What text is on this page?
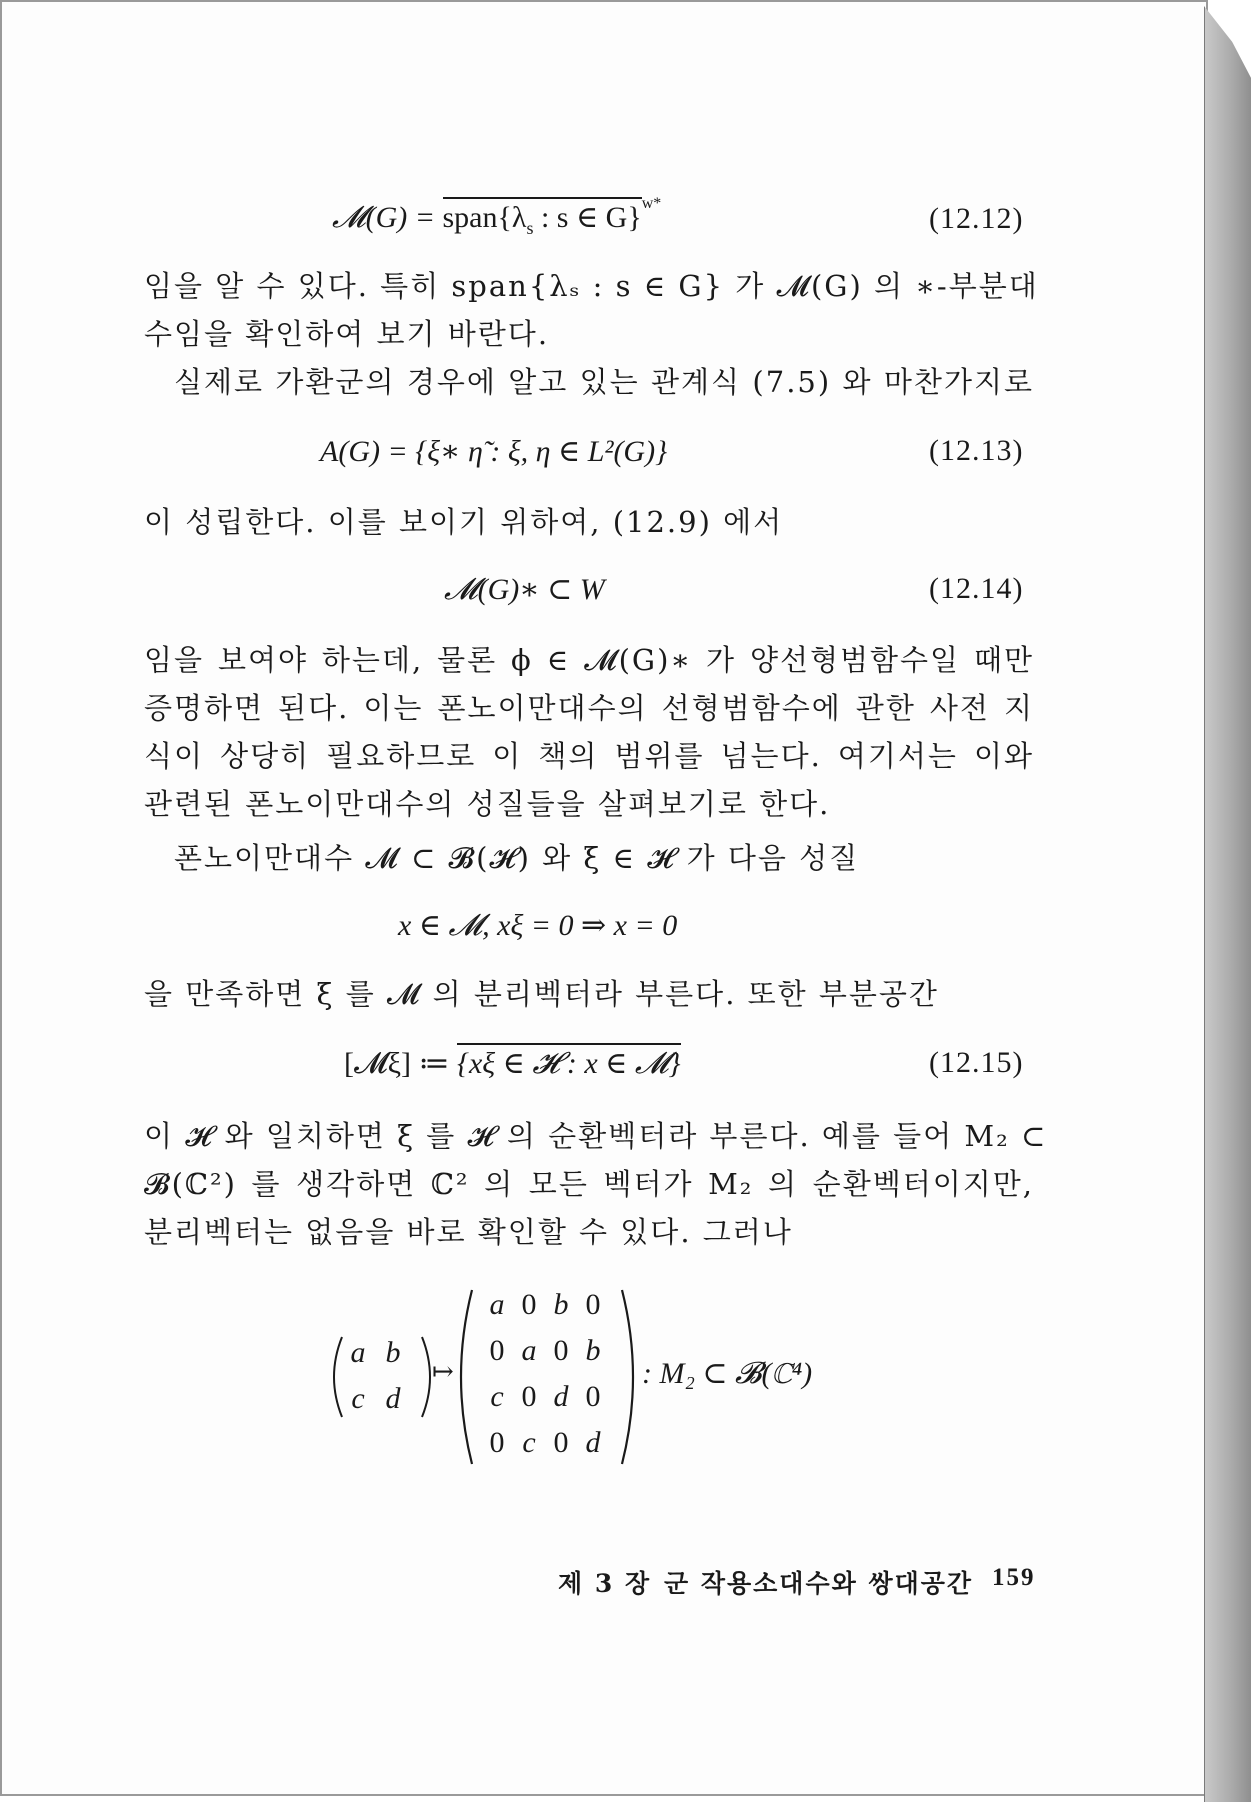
𝓜(G) = $span\{\lambda_s$ : s ∈ G}$^{w*}$	(12.12)
임을 알 수 있다. 특히 span{λₛ : s ∈ G} 가 𝓜(G) 의 ∗-부분대
수임을 확인하여 보기 바란다.
실제로 가환군의 경우에 알고 있는 관계식 (7.5) 와 마찬가지로
A(G) = {ξ∗ η̃ : ξ, η ∈ L²(G)}	(12.13)
이 성립한다. 이를 보이기 위하여, (12.9) 에서
𝓜(G)∗ ⊂ W	(12.14)
임을 보여야 하는데, 물론 ϕ ∈ 𝓜(G)∗ 가 양선형범함수일 때만
증명하면 된다. 이는 폰노이만대수의 선형범함수에 관한 사전 지
식이 상당히 필요하므로 이 책의 범위를 넘는다. 여기서는 이와
관련된 폰노이만대수의 성질들을 살펴보기로 한다.
폰노이만대수 𝓜 ⊂ 𝓑(𝓗) 와 ξ ∈ 𝓗 가 다음 성질
x ∈ 𝓜, xξ = 0 ⇒ x = 0
을 만족하면 ξ 를 𝓜 의 분리벡터라 부른다. 또한 부분공간
[𝓜ξ] ≔ {xξ ∈ 𝓗 : x ∈ 𝓜}	(12.15)
이 𝓗 와 일치하면 ξ 를 𝓗 의 순환벡터라 부른다. 예를 들어 M₂ ⊂
𝓑(ℂ²) 를 생각하면 ℂ² 의 모든 벡터가 M₂ 의 순환벡터이지만,
분리벡터는 없음을 바로 확인할 수 있다. 그러나
a b
c d
a 0 b 0
0 a 0 b
c 0 d 0
0 c 0 d
↦	: M₂ ⊂ 𝓑(ℂ⁴)
제 3 장 군 작용소대수와 쌍대공간 159
